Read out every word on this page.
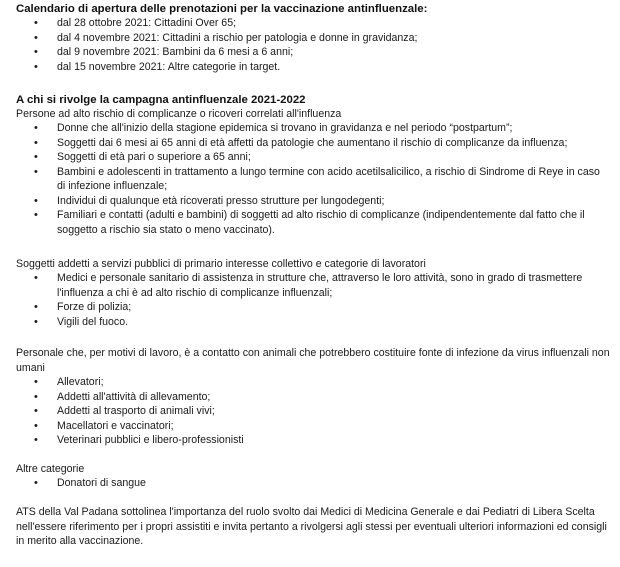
Calendario di apertura delle prenotazioni per la vaccinazione antinfluenzale:
• dal 28 ottobre 2021: Cittadini Over 65;
• dal 4 novembre 2021: Cittadini a rischio per patologia e donne in gravidanza;
• dal 9 novembre 2021: Bambini da 6 mesi a 6 anni;
• dal 15 novembre 2021: Altre categorie in target.
A chi si rivolge la campagna antinfluenzale 2021-2022
Persone ad alto rischio di complicanze o ricoveri correlati all'influenza
• Donne che all'inizio della stagione epidemica si trovano in gravidanza e nel periodo “postpartum”;
• Soggetti dai 6 mesi ai 65 anni di età affetti da patologie che aumentano il rischio di complicanze da influenza;
• Soggetti di età pari o superiore a 65 anni;
• Bambini e adolescenti in trattamento a lungo termine con acido acetilsalicilico, a rischio di Sindrome di Reye in caso di infezione influenzale;
• Individui di qualunque età ricoverati presso strutture per lungodegenti;
• Familiari e contatti (adulti e bambini) di soggetti ad alto rischio di complicanze (indipendentemente dal fatto che il soggetto a rischio sia stato o meno vaccinato).
Soggetti addetti a servizi pubblici di primario interesse collettivo e categorie di lavoratori
• Medici e personale sanitario di assistenza in strutture che, attraverso le loro attività, sono in grado di trasmettere l'influenza a chi è ad alto rischio di complicanze influenzali;
• Forze di polizia;
• Vigili del fuoco.
Personale che, per motivi di lavoro, è a contatto con animali che potrebbero costituire fonte di infezione da virus influenzali non umani
• Allevatori;
• Addetti all'attività di allevamento;
• Addetti al trasporto di animali vivi;
• Macellatori e vaccinatori;
• Veterinari pubblici e libero-professionisti
Altre categorie
• Donatori di sangue
ATS della Val Padana sottolinea l'importanza del ruolo svolto dai Medici di Medicina Generale e dai Pediatri di Libera Scelta nell'essere riferimento per i propri assistiti e invita pertanto a rivolgersi agli stessi per eventuali ulteriori informazioni ed consigli in merito alla vaccinazione.
